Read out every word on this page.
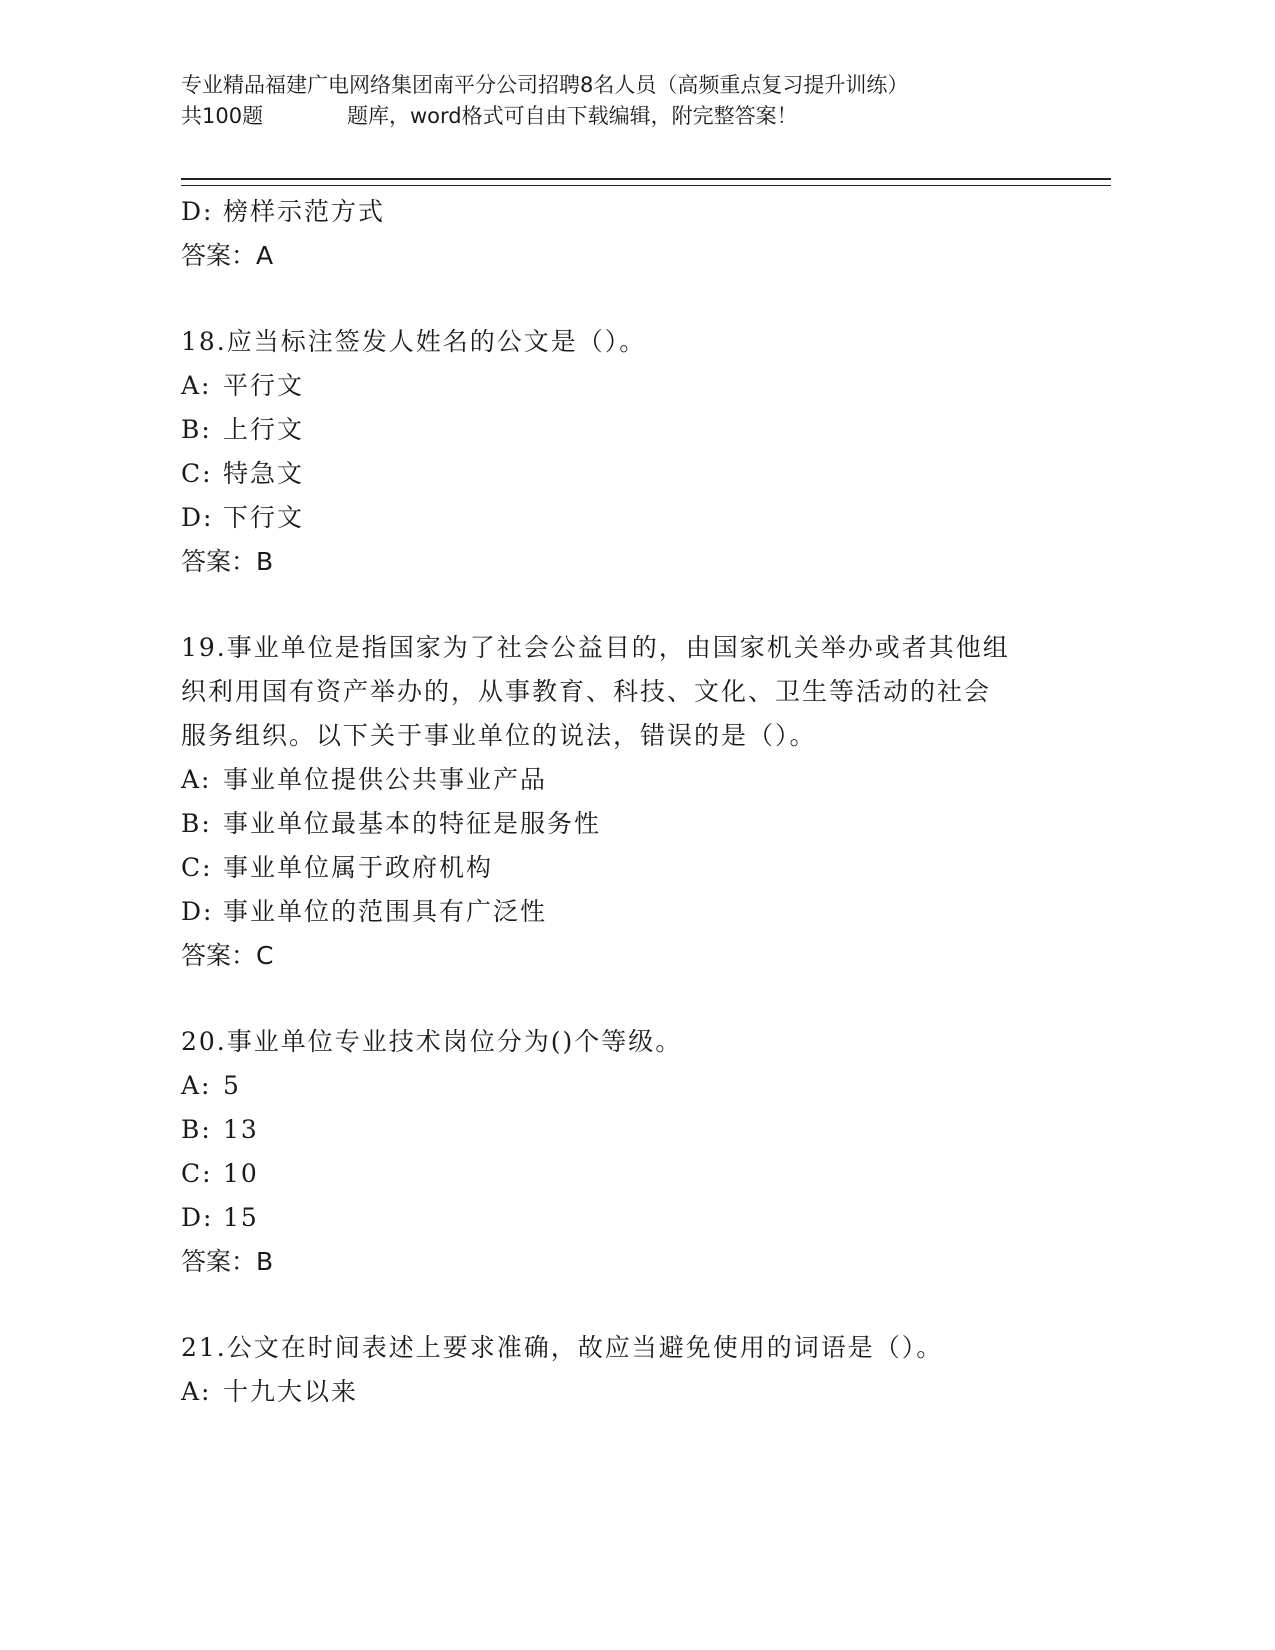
专业精品福建广电网络集团南平分公司招聘8名人员（高频重点复习提升训练）
共100题	题库，word格式可自由下载编辑，附完整答案！
D: 榜样示范方式
答案：A
18.应当标注签发人姓名的公文是（）。
A: 平行文
B: 上行文
C: 特急文
D: 下行文
答案：B
19.事业单位是指国家为了社会公益目的，由国家机关举办或者其他组
织利用国有资产举办的，从事教育、科技、文化、卫生等活动的社会
服务组织。以下关于事业单位的说法，错误的是（）。
A: 事业单位提供公共事业产品
B: 事业单位最基本的特征是服务性
C: 事业单位属于政府机构
D: 事业单位的范围具有广泛性
答案：C
20.事业单位专业技术岗位分为()个等级。
A: 5
B: 13
C: 10
D: 15
答案：B
21.公文在时间表述上要求准确，故应当避免使用的词语是（）。
A: 十九大以来
